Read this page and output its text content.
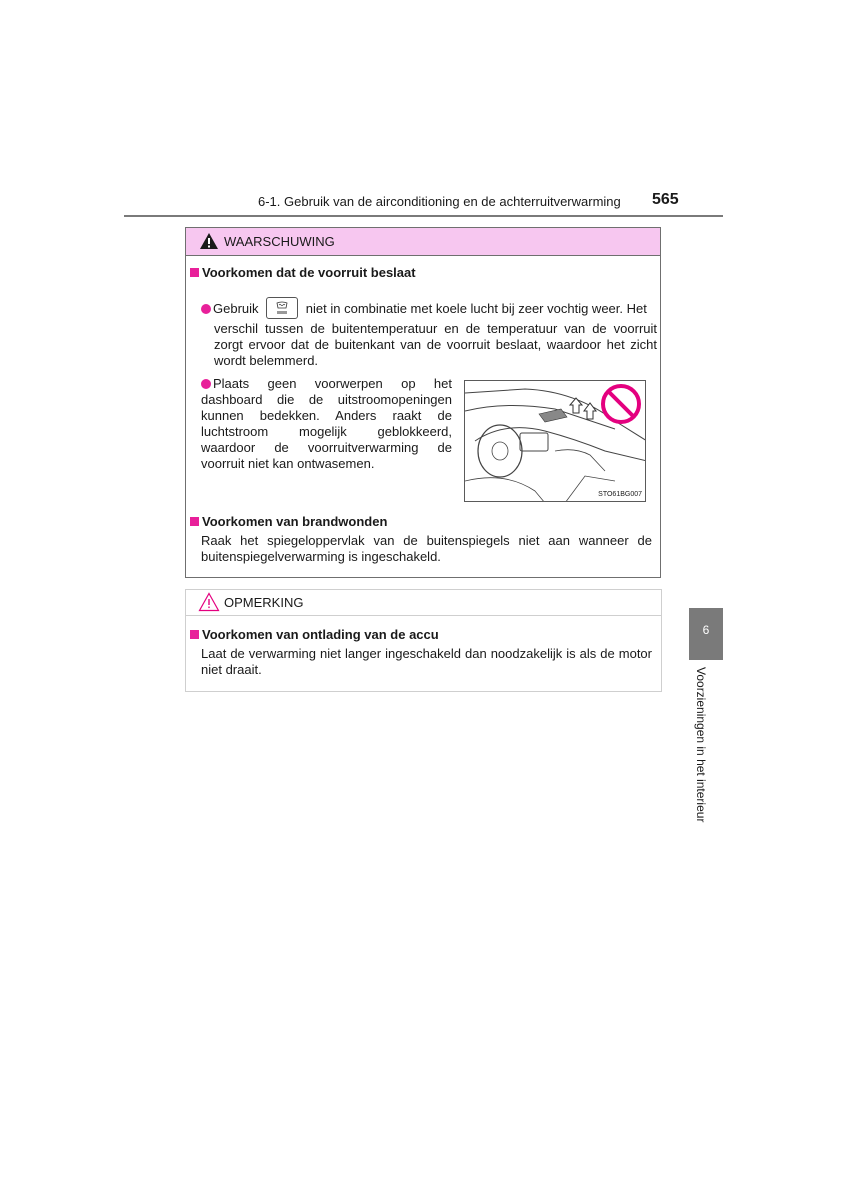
6-1. Gebruik van de airconditioning en de achterruitverwarming 565
WAARSCHUWING
Voorkomen dat de voorruit beslaat
Gebruik	niet in combinatie met koele lucht bij zeer vochtig weer. Het
verschil tussen de buitentemperatuur en de temperatuur van de voorruit zorgt ervoor dat de buitenkant van de voorruit beslaat, waardoor het zicht wordt belemmerd.
Plaats geen voorwerpen op het dashboard die de uitstroomopeningen kunnen bedekken. Anders raakt de luchtstroom mogelijk geblokkeerd, waardoor de voorruitverwarming de voorruit niet kan ontwasemen.
STO61BG007
Voorkomen van brandwonden
Raak het spiegeloppervlak van de buitenspiegels niet aan wanneer de buitenspiegelverwarming is ingeschakeld.
OPMERKING
Voorkomen van ontlading van de accu
Laat de verwarming niet langer ingeschakeld dan noodzakelijk is als de motor niet draait.
6
Voorzieningen in het interieur
